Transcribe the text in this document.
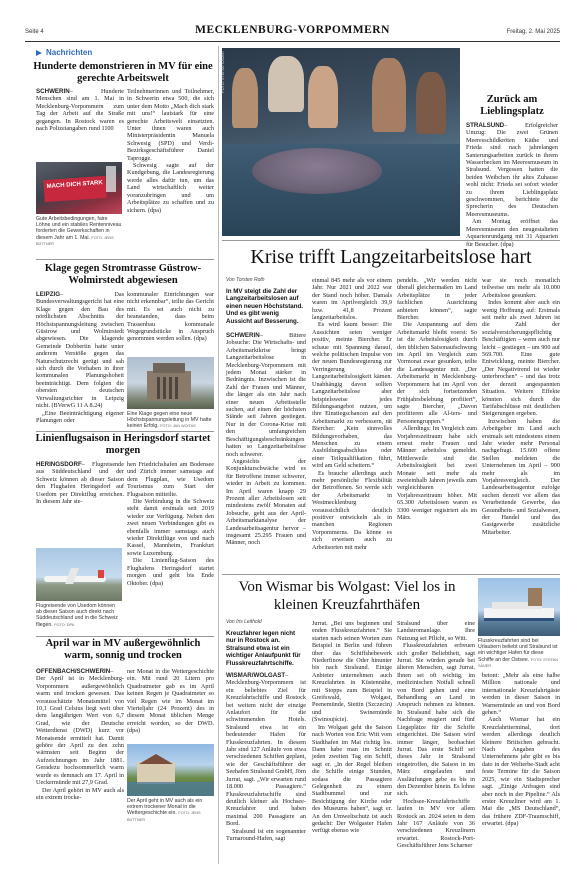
Seite 4	MECKLENBURG-VORPOMMERN	Freitag, 2. Mai 2025
Nachrichten
Hunderte demonstrieren in MV für eine gerechte Arbeitswelt
SCHWERIN– Hunderte Menschen sind am 1. Mai in Mecklenburg-Vorpommern zum Tag der Arbeit auf die Straße gegangen. In Rostock waren es nach Polizeiangaben rund 1100
MACH DICH STARK
Gute Arbeitsbedingungen, faire Löhne und ein stabiles Rentenniveau forderten die Gewerkschaften in diesem Jahr am 1. Mai. FOTO: JENS BÜTTNER
Teilnehmerinnen und Teilnehmer, in Schwerin etwa 500, die sich unter dem Motto „Mach dich stark mit uns!“ lautstark für eine gerechte Arbeitswelt einsetzten. Unter ihnen waren auch Ministerpräsidentin Manuela Schwesig (SPD) und Verdi-Bezirksgeschäftsführer Daniel Taprogge.
Schwesig sagte auf der Kundgebung, die Landesregierung werde alles dafür tun, um das Land wirtschaftlich weiter voranzubringen und um Arbeitsplätze zu schaffen und zu sichern. (dpa)
Klage gegen Stromtrasse Güstrow-Wolmirstedt abgewiesen
LEIPZIG– Das Bundesverwaltungsgericht hat eine Klage gegen den Bau des nördlichsten Abschnitts der Höchstspannungsleitung zwischen Güstrow und Wolmirstedt abgewiesen. Die klagende Gemeinde Dobbertin hatte unter anderem Verstöße gegen das Naturschutzrecht gerügt und sah sich durch die Vorhaben in ihrer kommunalen Planungshoheit beeinträchtigt. Dem folgten die obersten deutschen Verwaltungsrichter in Leipzig nicht. (BVerwG 11 A 8.24)
„Eine Beeinträchtigung eigener Planungen oder
kommunaler Einrichtungen war nicht erkennbar“, teilte das Gericht mit. Es sei auch nicht zu beanstanden, dass beim Trassenbau kommunale Wegegrundstücke in Anspruch genommen werden sollen. (dpa)
Eine Klage gegen eine neue Höchstspannungsleitung in MV hatte keinen Erfolg. FOTO: JAN WOITAS
Linienflugsaison in Heringsdorf startet morgen
HERINGSDORF– Flugreisende aus Süddeutschland und der Schweiz können ab dieser Saison den Flughafen Heringsdorf auf Usedom per Direktflug erreichen. In diesem Jahr ste-
Flugreisende von Usedom können ab dieser Saison auch direkt nach Süddeutschland und in die Schweiz fliegen. FOTO: DPA
hen Friedrichshafen am Bodensee und Zürich immer samstags auf dem Flugplan, wie Usedom Tourismus zum Start der Flugsaison mitteilte.
Die Verbindung in die Schweiz steht damit erstmals seit 2019 wieder zur Verfügung. Neben den zwei neuen Verbindungen gibt es ebenfalls immer samstags auch wieder Direktflüge von und nach Kassel, Mannheim, Frankfurt sowie Luxemburg.
Die Linienflug-Saison des Flughafens Heringsdorf startet morgen und geht bis Ende Oktober. (dpa)
April war in MV außergewöhnlich warm, sonnig und trocken
OFFENBACH/SCHWERIN– Der April ist in Mecklenburg-Vorpommern außergewöhnlich warm und trocken gewesen. Das vorausschätzte Monatsmittel von 10,1 Grad Celsius liegt weit über dem langjährigen Wert von 6,7 Grad, wie der Deutsche Wetterdienst (DWD) kurz vor Monatsende ermittelt hat. Damit gehöre der April zu den zehn wärmsten seit Beginn der Aufzeichnungen im Jahr 1881. Geradezu hochsommerlich warm wurde es demnach am 17. April in Ueckermünde mit 27,9 Grad.
Der April gehört in MV auch als ein extrem trocke-
ner Monat in die Wettergeschichte ein. Mit rund 20 Litern pro Quadratmeter gab es im April keinen Regen je Quadratmeter so viel Regen wie im Monat im Vierteljahr (24 Prozent) des in diesem Monat üblichen Menge erreicht worden, so der DWD. (dpa)
Der April geht in MV auch als ein extrem trockener Monat in die Wettergeschichte ein. FOTO: JENS BÜTTNER
FOTO: STEFAN SAUER
Zurück am Lieblingsplatz
STRALSUND– Erfolgreicher Umzug: Die zwei Grünen Meeresschildkröten Käthe und Frieda sind nach jahrelangen Sanierungsarbeiten zurück in ihrem Wasserbecken im Meeresmuseum in Stralsund. Vergessen hatten die beiden Weibchen ihr altes Zuhause wohl nicht: Frieda sei sofort wieder zu ihrem Lieblingsplatz geschwommen, berichtete die Sprecherin des Deutschen Meeresmuseums.
Am Montag eröffnet das Meeresmuseum den neugestalteten Aquarienrundgang mit 31 Aquarien für Besucher. (dpa)
Krise trifft Langzeitarbeitslose hart
Von Torsten Roth
In MV steigt die Zahl der Langzeitarbeitslosen auf einen neuen Höchststand. Und es gibt wenig Aussicht auf Besserung.
SCHWERIN– Bittere Jobsuche: Die Wirtschafts- und Arbeitsmarktkrise bringt Langzeitarbeitslose in Mecklenburg-Vorpommern mit jedem Monat stärker in Bedrängnis. Inzwischen ist die Zahl der Frauen und Männer, die länger als ein Jahr nach einer neuen Arbeitsstelle suchen, auf einen der höchsten Stände seit Jahren gestiegen. Nur in der Corona-Krise mit den umfangreichen Beschäftigungsbeschränkungen hatten so Langzeitarbeitslose noch schwerer.
Angesichts der Konjunkturschwäche wird es für Betroffene immer schwerer, wieder in Arbeit zu kommen. Im April waren knapp 29 Prozent aller Arbeitslosen seit mindestens zwölf Monaten auf Jobsuche, geht aus der April-Arbeitsmarktanalyse der Landesarbeitsagentur hervor – insgesamt 25.295 Frauen und Männer, noch
einmal 845 mehr als vor einem Jahr. Nur 2021 und 2022 war der Stand noch höher. Damals waren im Aprilvergleich 39,9 bzw. 41,8 Prozent langzeitarbeitslos.
Es wird kaum besser: Die Aussichten seien weniger positiv, meinte Biercher. Er schaue mit Spannung darauf, welche politischen Impulse von der neuen Bundesregierung zur Verringerung der Langzeitarbeitslosigkeit kämen. Unabhängig davon sollten Langzeitarbeitslose aber beispielsweise jedes Bildungsangebot nutzen, um ihre Einstiegschancen auf den Arbeitsmarkt zu verbessern, rät Biercher: „Kein sinnvolles Bildungsvorhaben, das Menschen zu einem Ausbildungsabschluss oder einer Teilqualifikation führt, wird am Geld scheitern.“
Es brauche allerdings auch mehr persönliche Flexibilität der Betroffenen. So werde sich der Arbeitsmarkt in Westmecklenburg voraussichtlich deutlich positiver entwickeln als in manchen Regionen Vorpommerns. Da könne es sich erweisen auch zu Arbeitsorten mit mehr
pendeln. „Wir werden nicht überall gleichermaßen im Land Arbeitsplätze in jeder fachlichen Ausrichtung anbieten können“, sagte Biercher.
Die Anspannung auf dem Arbeitsmarkt bleibt voerst: So ist die Arbeitslosigkeit durch den üblichen Saisonaufschwung im April im Vergleich zum Vormonat zwar gesunken, teilte die Landesagentur mit. „Der Arbeitsmarkt in Mecklenburg-Vorpommern hat im April von der sich fortsetzenden Frühjahrsbelebung profitiert“, sagte Biercher, „Davon profitieren alle Al-ters- und Personengruppen.“
Allerdings: Im Vergleich zum Vorjahreszeitraum habe sich erneut mehr Frauen und Männer arbeitslos gemeldet. Mittlerweile sind die Arbeitslosigkeit bei zwei Monate seit mehr als zweieinhalb Jahren jeweils zum vergleichbaren Vorjahreszeitraum höher. Mit 65.300 Arbeitslosen waren es 3300 weniger registriert als im März.
war sie noch monatlich teilweise um mehr als 10.000 Arbeitslose gesunken.
Indes kommt aber auch ein wenig Hoffnung auf: Erstmals seit mehr als zwei Jahren ist die Zahl der sozialversicherungspflichtig Beschäftigten – wenn auch nur leicht – gestiegen – um 900 auf 569.700. Eine gute Entwicklung, meinte Biercher. „Der Negativtrend ist wieder unterbrochen“ – und das trotz der derzeit angespannten Situation. Weitere Effekte könnten sich durch die Tarifabschlüsse mit deutlichen Steigerungen ergeben.
Inzwischen haben die Arbeitgeber im Land auch erstmals seit mindestens einem Jahr wieder mehr Personal nachgefragt. 15.600 offene Stellen meldeten die Unternehmen im April – 900 mehr als im Vorjahresvergleich. Der Landesarbeitsagentur zufolge suchen derzeit vor allem das Verarbeitende Gewerbe, das Gesundheits- und Sozialwesen, der Handel und das Gastgewerbe zusätzliche Mitarbeiter.
Von Wismar bis Wolgast: Viel los in kleinen Kreuzfahrthäfen
Flusskreuzfahrten sind bei Urlaubern beliebt und Stralsund ist ein wichtiger Hafen für diese Schiffe an der Ostsee. FOTO: STEFAN SAUER
Von Iris Leithold
Kreuzfahrer legen nicht nur in Rostock an. Stralsund etwa ist ein wichtiger Anlaufpunkt für Flusskreuzfahrtschiffe.
WISMAR/WOLGAST– Mecklenburg-Vorpommern ist ein beliebtes Ziel für Kreuzfahrtschiffe und Rostock bei weitem nicht der einzige Anlaufort für die schwimmenden Hotels. Stralsund etwa ist ein bedeutender Hafen für Flusskreuzfahrten. In diesem Jahr sind 127 Anläufe von etwa verschiedenen Schiffen geplant, wie der Geschäftsführer der Seehafen Stralsund GmbH, Jörn Jurrat, sagt. „Wir erwarten rund 18.000 Passagiere.“ Flusskreuzfahrtschiffe sind deutlich kleiner als Hochsee-Kreuzfahrer und haben maximal 200 Passagiere an Bord.
Stralsund ist ein sogenannter Turnaround-Hafen, sagt
Jurrat. „Bei uns beginnen und enden Flusskreuzfahrten.“ Sie starten nach seinen Worten zum Beispiel in Berlin und führen über das Schiffshebewerk Niederfinow die Oder hinunter bis nach Stralsund. Einige Anbieter unternehmen auch Kreuzfahrten in Küstennähe, mit Stopps zum Beispiel in Greifswald, Wolgast, Peenemünde, Stettin (Szczecin) und Swinemünde (Świnoujście).
Im Wolgast geht die Saison nach Worten von Eric Witt vom Stadthafen im Mai richtig los. Dann habe man im Schnitt jeden zweiten Tag ein Schiff, sagt er. „In der Regel bleiben die Schiffe einige Stunden, sodass die Passagiere Gelegenheit zu einem Stadtbummel und zur Besichtigung der Kirche oder des Museums haben“, sagt er. An den Umweltschutz ist auch gedacht: Der Wolgaster Hafen verfügt ebenso wie
Stralsund über eine Landstromanlage. Ihre Nutzung sei Pflicht, so Witt.
Flusskreuzfahrten erfreuen sich großer Beliebtheit, sagt Jurrat. Sie würden gerade bei älteren Menschen, sagt Jurrat. Ihnen sei oft wichtig, im medizinischen Notfall schnell von Bord gehen und eine Behandlung an Land in Anspruch nehmen zu können. In Stralsund habe sich die Nachfrage reagiert und fünf Liegeplätze für die Schiffe eingerichtet. Die Saison wird immer länger, beobachtet Jurrat. Das erste Schiff sei dieses Jahr in Stralsund eingetroffen, die Saison in im März eingelaufen und Ausläufungen gebe es bis in den Dezember hinein. Es lohne sich.
Hochsee-Kreuzfahrtschiffe laufen in MV vor allem Rostock an. 2024 seien in dem Jahr 167 Anläufe von 36 verschiedenen Kreuzlinern erwartet. Rostock-Port-Geschäftsführer Jens Scharner
betont: „Mehr als eine halbe Million nationale und internationale Kreuzfahrtgäste werden in dieser Saison in Warnemünde an und von Bord gehen.“
Auch Wismar hat ein Kreuzfahrtterminal, dort werden allerdings deutlich kleinere Britischen gebracht. Nach Angaben des Unternehmens jahr gibt es bis dato in der Welterbe-Stadt acht feste Termine für die Saison 2025, wie ein Stadtsprecher sagt. „Einige Anfragen sind aber noch in der Pipeline.“ Als erster Kreuzliner wird am 1. Mai die „MS Deutschland“, das frühere ZDF-Traumschiff, erwartet. (dpa)
